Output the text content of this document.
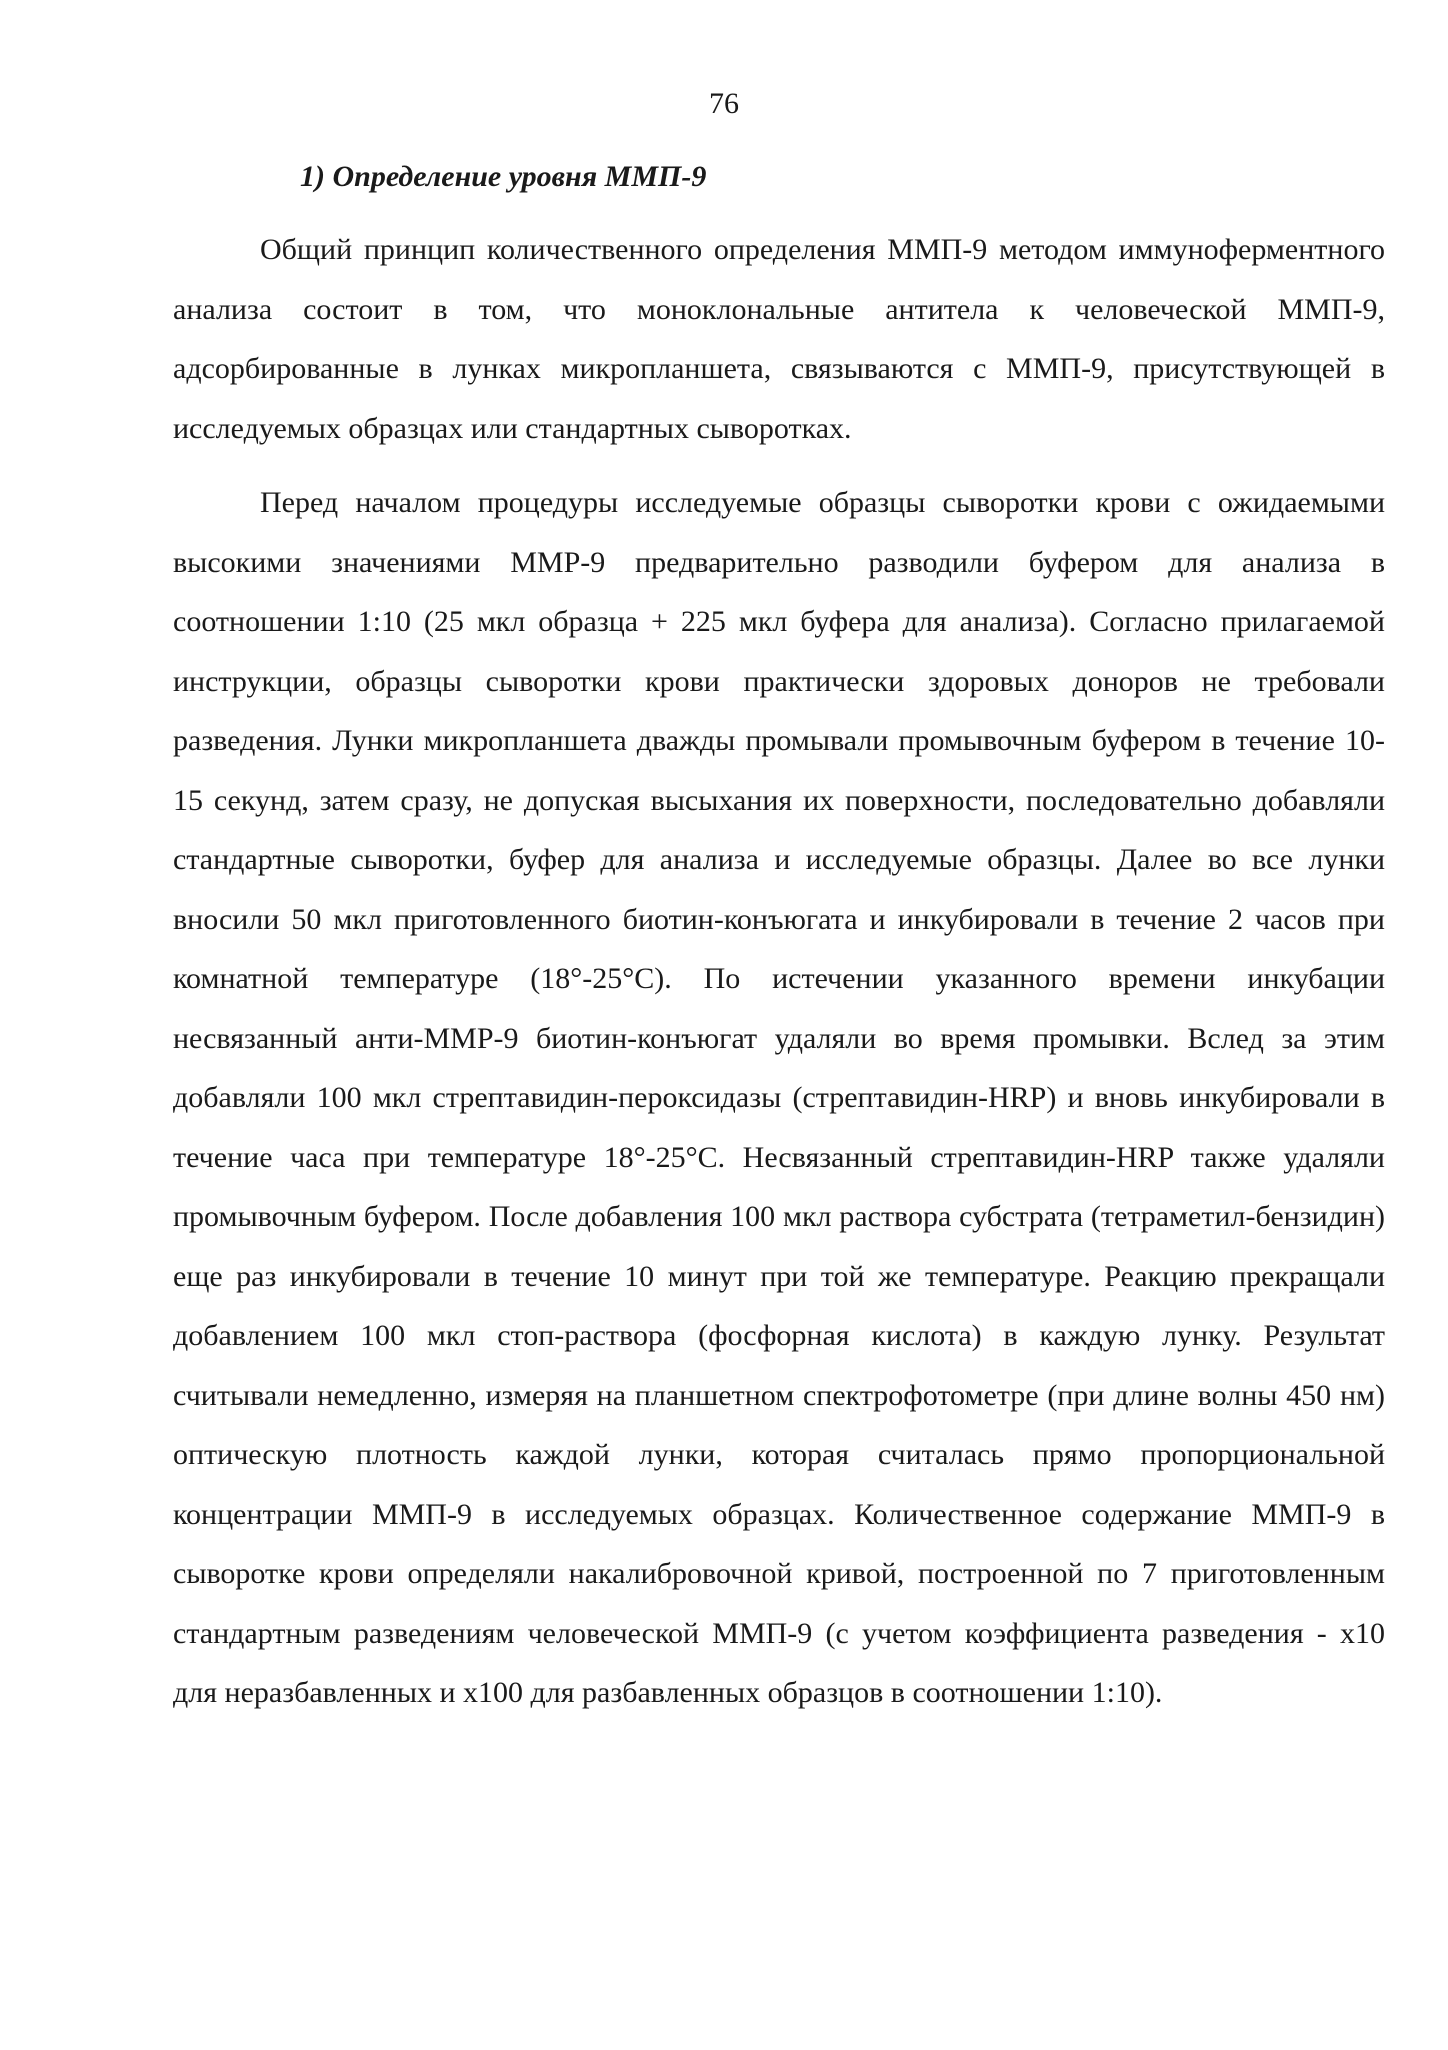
76
1) Определение уровня ММП-9

Общий принцип количественного определения ММП-9 методом иммуноферментного анализа состоит в том, что моноклональные антитела к человеческой ММП-9, адсорбированные в лунках микропланшета, связываются с ММП-9, присутствующей в исследуемых образцах или стандартных сыворотках.

Перед началом процедуры исследуемые образцы сыворотки крови с ожидаемыми высокими значениями ММР-9 предварительно разводили буфером для анализа в соотношении 1:10 (25 мкл образца + 225 мкл буфера для анализа). Согласно прилагаемой инструкции, образцы сыворотки крови практически здоровых доноров не требовали разведения. Лунки микропланшета дважды промывали промывочным буфером в течение 10-15 секунд, затем сразу, не допуская высыхания их поверхности, последовательно добавляли стандартные сыворотки, буфер для анализа и исследуемые образцы. Далее во все лунки вносили 50 мкл приготовленного биотин-конъюгата и инкубировали в течение 2 часов при комнатной температуре (18°-25°С). По истечении указанного времени инкубации несвязанный анти-ММР-9 биотин-конъюгат удаляли во время промывки. Вслед за этим добавляли 100 мкл стрептавидин-пероксидазы (стрептавидин-HRP) и вновь инкубировали в течение часа при температуре 18°-25°С. Несвязанный стрептавидин-HRP также удаляли промывочным буфером. После добавления 100 мкл раствора субстрата (тетраметил-бензидин) еще раз инкубировали в течение 10 минут при той же температуре. Реакцию прекращали добавлением 100 мкл стоп-раствора (фосфорная кислота) в каждую лунку. Результат считывали немедленно, измеряя на планшетном спектрофотометре (при длине волны 450 нм) оптическую плотность каждой лунки, которая считалась прямо пропорциональной концентрации ММП-9 в исследуемых образцах. Количественное содержание ММП-9 в сыворотке крови определяли накалибровочной кривой, построенной по 7 приготовленным стандартным разведениям человеческой ММП-9 (с учетом коэффициента разведения - х10 для неразбавленных и х100 для разбавленных образцов в соотношении 1:10).
